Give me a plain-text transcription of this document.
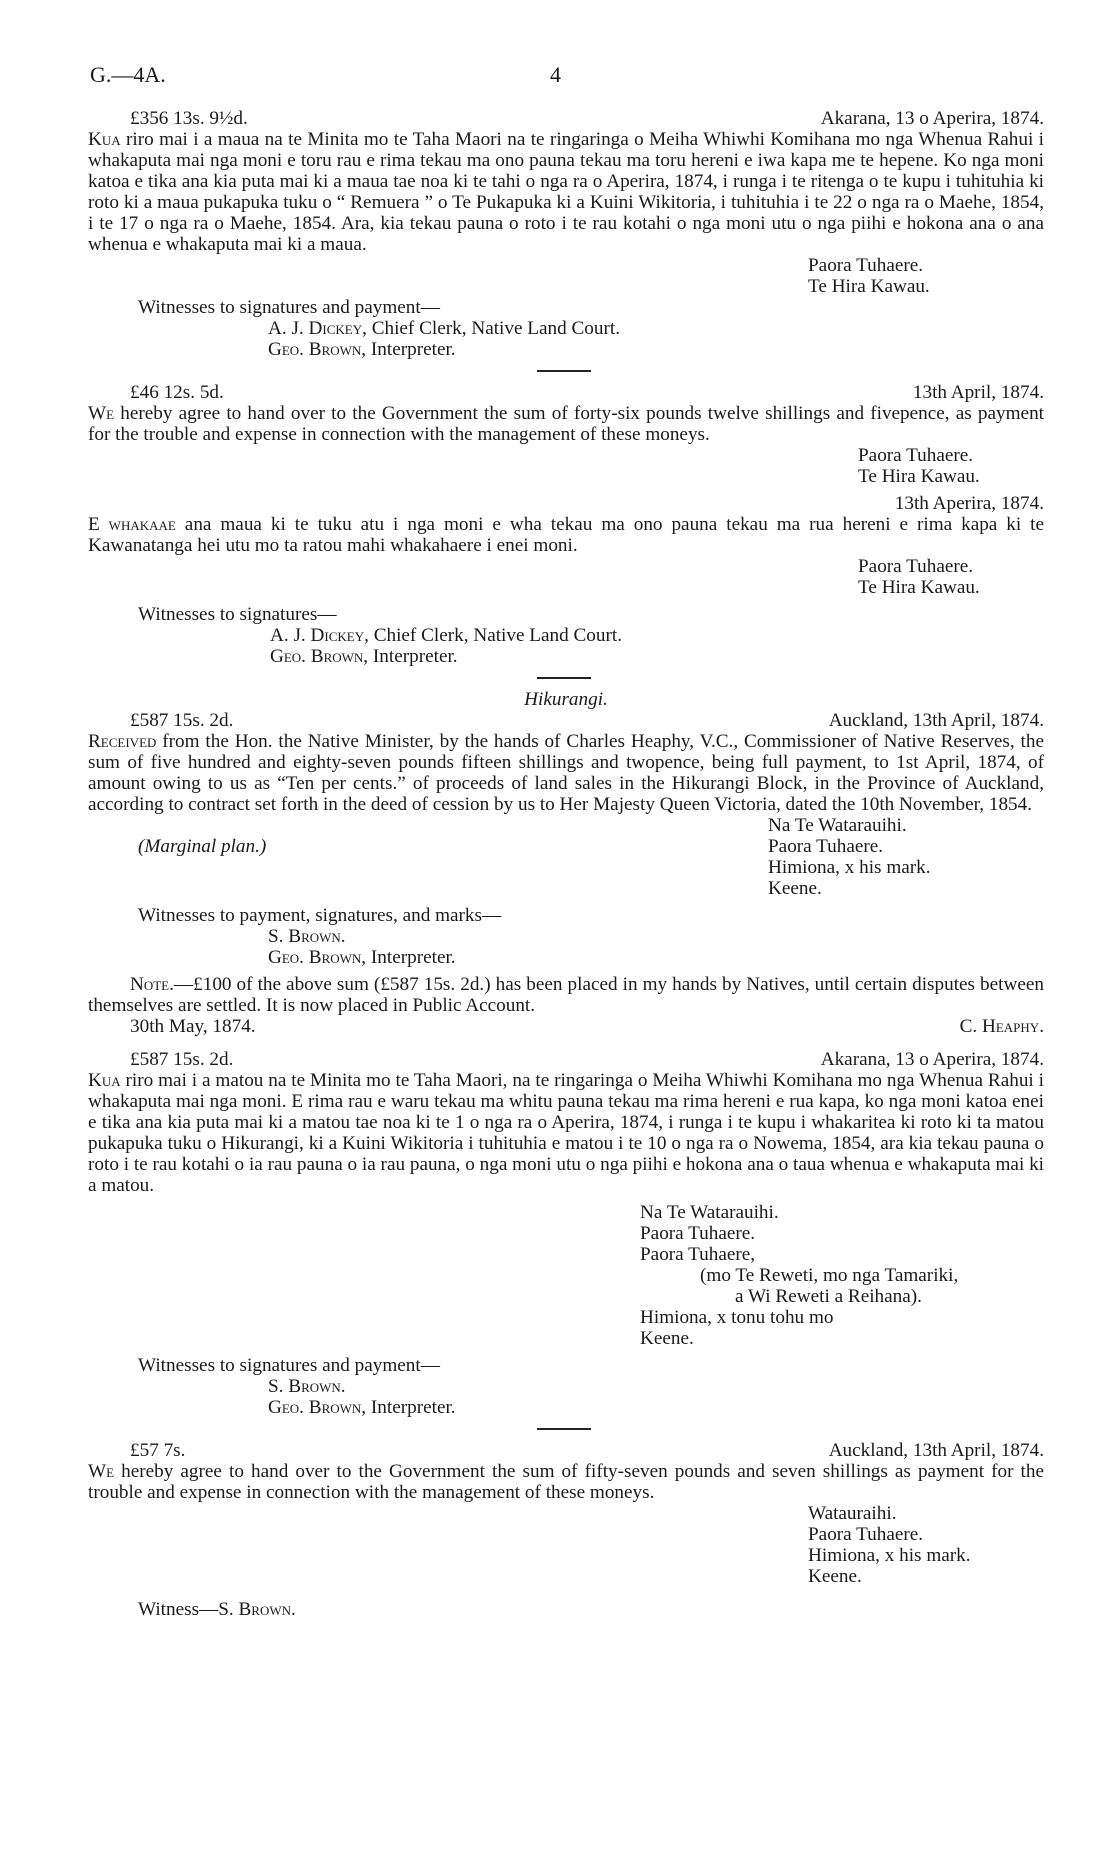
G.—4A.	4
£356 13s. 9½d.	Akarana, 13 o Aperira, 1874.

Kua riro mai i a maua na te Minita mo te Taha Maori na te ringaringa o Meiha Whiwhi Komihana mo nga Whenua Rahui i whakaputa mai nga moni e toru rau e rima tekau ma ono pauna tekau ma toru hereni e iwa kapa me te hepene. Ko nga moni katoa e tika ana kia puta mai ki a maua tae noa ki te tahi o nga ra o Aperira, 1874, i runga i te ritenga o te kupu i tuhituhia ki roto ki a maua pukapuka tuku o “ Remuera ” o Te Pukapuka ki a Kuini Wikitoria, i tuhituhia i te 22 o nga ra o Maehe, 1854, i te 17 o nga ra o Maehe, 1854. Ara, kia tekau pauna o roto i te rau kotahi o nga moni utu o nga piihi e hokona ana o ana whenua e whakaputa mai ki a maua.

Paora Tuhaere.
Te Hira Kawau.
Witnesses to signatures and payment—
A. J. Dickey, Chief Clerk, Native Land Court.
Geo. Brown, Interpreter.
£46 12s. 5d.	13th April, 1874.

We hereby agree to hand over to the Government the sum of forty-six pounds twelve shillings and fivepence, as payment for the trouble and expense in connection with the management of these moneys.

Paora Tuhaere.
Te Hira Kawau.
13th Aperira, 1874.

E whakaae ana maua ki te tuku atu i nga moni e wha tekau ma ono pauna tekau ma rua hereni e rima kapa ki te Kawanatanga hei utu mo ta ratou mahi whakahaere i enei moni.

Paora Tuhaere.
Te Hira Kawau.
Witnesses to signatures—
A. J. Dickey, Chief Clerk, Native Land Court.
Geo. Brown, Interpreter.
Hikurangi.
£587 15s. 2d.	Auckland, 13th April, 1874.

Received from the Hon. the Native Minister, by the hands of Charles Heaphy, V.C., Commissioner of Native Reserves, the sum of five hundred and eighty-seven pounds fifteen shillings and twopence, being full payment, to 1st April, 1874, of amount owing to us as “Ten per cents.” of proceeds of land sales in the Hikurangi Block, in the Province of Auckland, according to contract set forth in the deed of cession by us to Her Majesty Queen Victoria, dated the 10th November, 1854.

(Marginal plan.)
Na Te Watarauihi.
Paora Tuhaere.
Himiona, x his mark.
Keene.
Witnesses to payment, signatures, and marks—
S. Brown.
Geo. Brown, Interpreter.

Note.—£100 of the above sum (£587 15s. 2d.) has been placed in my hands by Natives, until certain disputes between themselves are settled. It is now placed in Public Account.

30th May, 1874.	C. Heaphy.
£587 15s. 2d.	Akarana, 13 o Aperira, 1874.

Kua riro mai i a matou na te Minita mo te Taha Maori, na te ringaringa o Meiha Whiwhi Komihana mo nga Whenua Rahui i whakaputa mai nga moni. E rima rau e waru tekau ma whitu pauna tekau ma rima hereni e rua kapa, ko nga moni katoa enei e tika ana kia puta mai ki a matou tae noa ki te 1 o nga ra o Aperira, 1874, i runga i te kupu i whakaritea ki roto ki ta matou pukapuka tuku o Hikurangi, ki a Kuini Wikitoria i tuhituhia e matou i te 10 o nga ra o Nowema, 1854, ara kia tekau pauna o roto i te rau kotahi o ia rau pauna o ia rau pauna, o nga moni utu o nga piihi e hokona ana o taua whenua e whakaputa mai ki a matou.

Na Te Watarauihi.
Paora Tuhaere.
Paora Tuhaere,
(mo Te Reweti, mo nga Tamariki,
a Wi Reweti a Reihana).
Himiona, x tonu tohu mo
Keene.
Witnesses to signatures and payment—
S. Brown.
Geo. Brown, Interpreter.
£57 7s.	Auckland, 13th April, 1874.

We hereby agree to hand over to the Government the sum of fifty-seven pounds and seven shillings as payment for the trouble and expense in connection with the management of these moneys.

Watauraihi.
Paora Tuhaere.
Himiona, x his mark.
Keene.
Witness—S. Brown.
